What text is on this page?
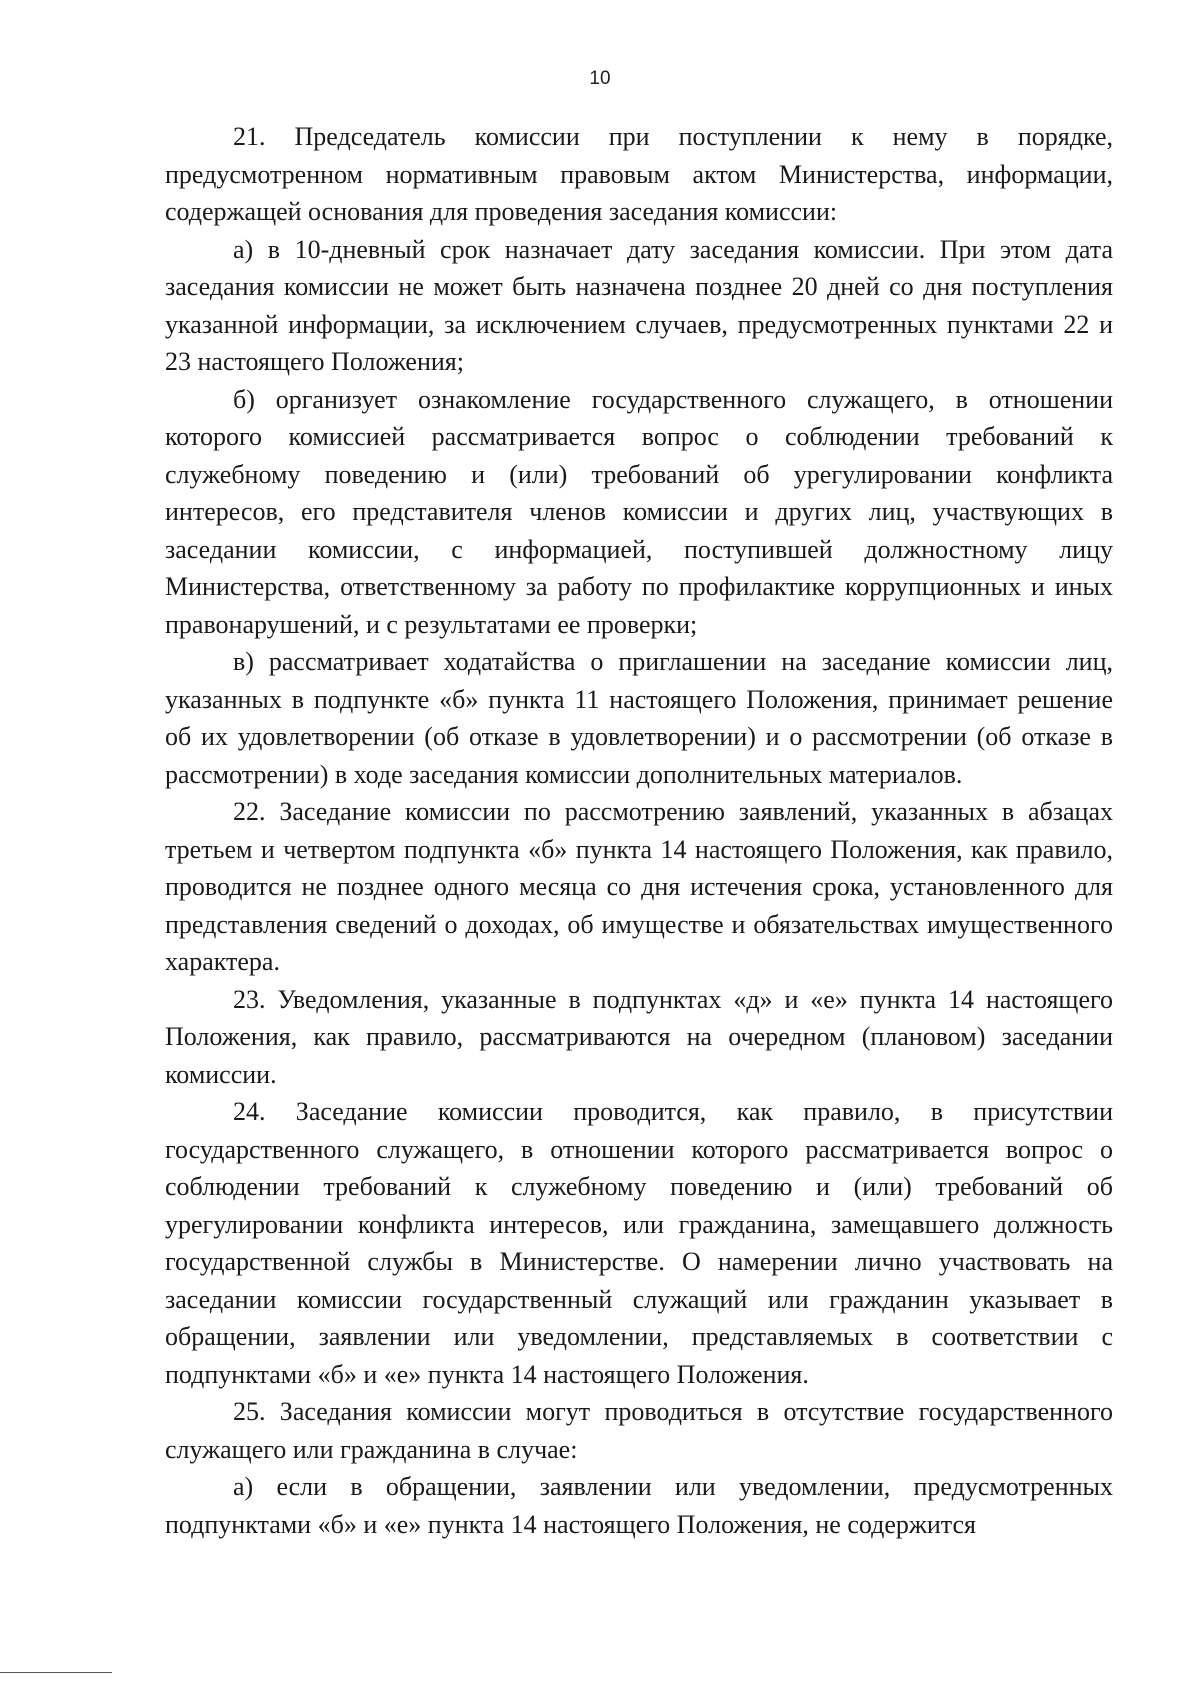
10

21. Председатель комиссии при поступлении к нему в порядке, предусмотренном нормативным правовым актом Министерства, информации, содержащей основания для проведения заседания комиссии:

а) в 10-дневный срок назначает дату заседания комиссии. При этом дата заседания комиссии не может быть назначена позднее 20 дней со дня поступления указанной информации, за исключением случаев, предусмотренных пунктами 22 и 23 настоящего Положения;

б) организует ознакомление государственного служащего, в отношении которого комиссией рассматривается вопрос о соблюдении требований к служебному поведению и (или) требований об урегулировании конфликта интересов, его представителя членов комиссии и других лиц, участвующих в заседании комиссии, с информацией, поступившей должностному лицу Министерства, ответственному за работу по профилактике коррупционных и иных правонарушений, и с результатами ее проверки;

в) рассматривает ходатайства о приглашении на заседание комиссии лиц, указанных в подпункте «б» пункта 11 настоящего Положения, принимает решение об их удовлетворении (об отказе в удовлетворении) и о рассмотрении (об отказе в рассмотрении) в ходе заседания комиссии дополнительных материалов.

22. Заседание комиссии по рассмотрению заявлений, указанных в абзацах третьем и четвертом подпункта «б» пункта 14 настоящего Положения, как правило, проводится не позднее одного месяца со дня истечения срока, установленного для представления сведений о доходах, об имуществе и обязательствах имущественного характера.

23. Уведомления, указанные в подпунктах «д» и «е» пункта 14 настоящего Положения, как правило, рассматриваются на очередном (плановом) заседании комиссии.

24. Заседание комиссии проводится, как правило, в присутствии государственного служащего, в отношении которого рассматривается вопрос о соблюдении требований к служебному поведению и (или) требований об урегулировании конфликта интересов, или гражданина, замещавшего должность государственной службы в Министерстве. О намерении лично участвовать на заседании комиссии государственный служащий или гражданин указывает в обращении, заявлении или уведомлении, представляемых в соответствии с подпунктами «б» и «е» пункта 14 настоящего Положения.

25. Заседания комиссии могут проводиться в отсутствие государственного служащего или гражданина в случае:

а) если в обращении, заявлении или уведомлении, предусмотренных подпунктами «б» и «е» пункта 14 настоящего Положения, не содержится
